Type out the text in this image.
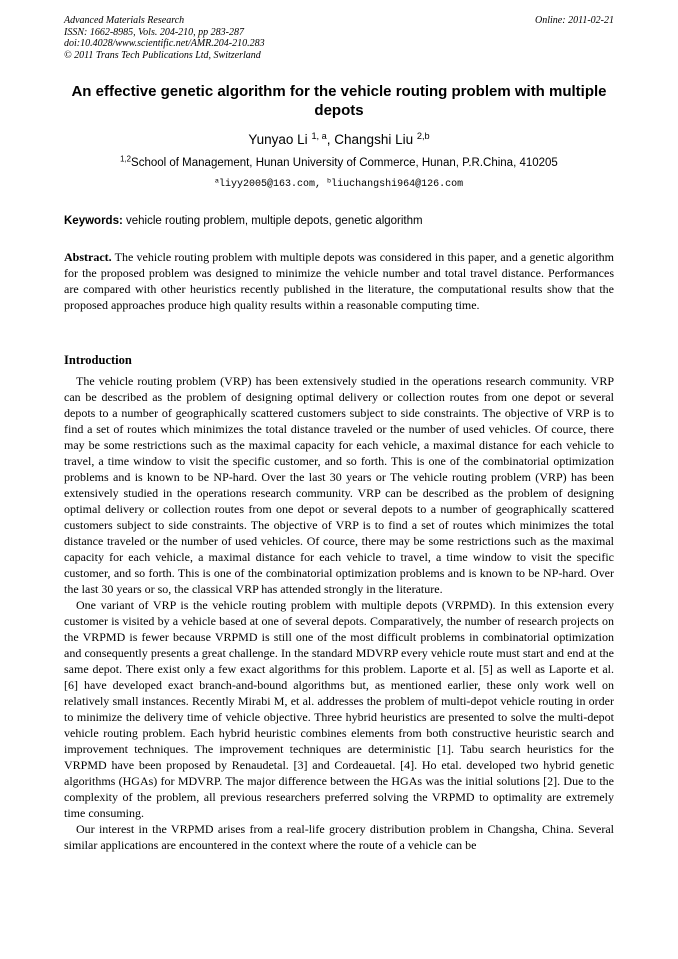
Advanced Materials Research
ISSN: 1662-8985, Vols. 204-210, pp 283-287
doi:10.4028/www.scientific.net/AMR.204-210.283
© 2011 Trans Tech Publications Ltd, Switzerland
Online: 2011-02-21
An effective genetic algorithm for the vehicle routing problem with multiple depots
Yunyao Li $^{1, a}$, Changshi Liu $^{2,b}$
$^{1,2}$School of Management, Hunan University of Commerce, Hunan, P.R.China, 410205
$^a$liyy2005@163.com, $^b$liuchangshi964@126.com
Keywords: vehicle routing problem, multiple depots, genetic algorithm
Abstract. The vehicle routing problem with multiple depots was considered in this paper, and a genetic algorithm for the proposed problem was designed to minimize the vehicle number and total travel distance. Performances are compared with other heuristics recently published in the literature, the computational results show that the proposed approaches produce high quality results within a reasonable computing time.
Introduction

The vehicle routing problem (VRP) has been extensively studied in the operations research community. VRP can be described as the problem of designing optimal delivery or collection routes from one depot or several depots to a number of geographically scattered customers subject to side constraints. The objective of VRP is to find a set of routes which minimizes the total distance traveled or the number of used vehicles. Of cource, there may be some restrictions such as the maximal capacity for each vehicle, a maximal distance for each vehicle to travel, a time window to visit the specific customer, and so forth. This is one of the combinatorial optimization problems and is known to be NP-hard. Over the last 30 years or The vehicle routing problem (VRP) has been extensively studied in the operations research community. VRP can be described as the problem of designing optimal delivery or collection routes from one depot or several depots to a number of geographically scattered customers subject to side constraints. The objective of VRP is to find a set of routes which minimizes the total distance traveled or the number of used vehicles. Of cource, there may be some restrictions such as the maximal capacity for each vehicle, a maximal distance for each vehicle to travel, a time window to visit the specific customer, and so forth. This is one of the combinatorial optimization problems and is known to be NP-hard. Over the last 30 years or so, the classical VRP has attended strongly in the literature.

One variant of VRP is the vehicle routing problem with multiple depots (VRPMD). In this extension every customer is visited by a vehicle based at one of several depots. Comparatively, the number of research projects on the VRPMD is fewer because VRPMD is still one of the most difficult problems in combinatorial optimization and consequently presents a great challenge. In the standard MDVRP every vehicle route must start and end at the same depot. There exist only a few exact algorithms for this problem. Laporte et al. [5] as well as Laporte et al. [6] have developed exact branch-and-bound algorithms but, as mentioned earlier, these only work well on relatively small instances. Recently Mirabi M, et al. addresses the problem of multi-depot vehicle routing in order to minimize the delivery time of vehicle objective. Three hybrid heuristics are presented to solve the multi-depot vehicle routing problem. Each hybrid heuristic combines elements from both constructive heuristic search and improvement techniques. The improvement techniques are deterministic [1]. Tabu search heuristics for the VRPMD have been proposed by Renaudetal. [3] and Cordeauetal. [4]. Ho etal. developed two hybrid genetic algorithms (HGAs) for MDVRP. The major difference between the HGAs was the initial solutions [2]. Due to the complexity of the problem, all previous researchers preferred solving the VRPMD to optimality are extremely time consuming.

Our interest in the VRPMD arises from a real-life grocery distribution problem in Changsha, China. Several similar applications are encountered in the context where the route of a vehicle can be
